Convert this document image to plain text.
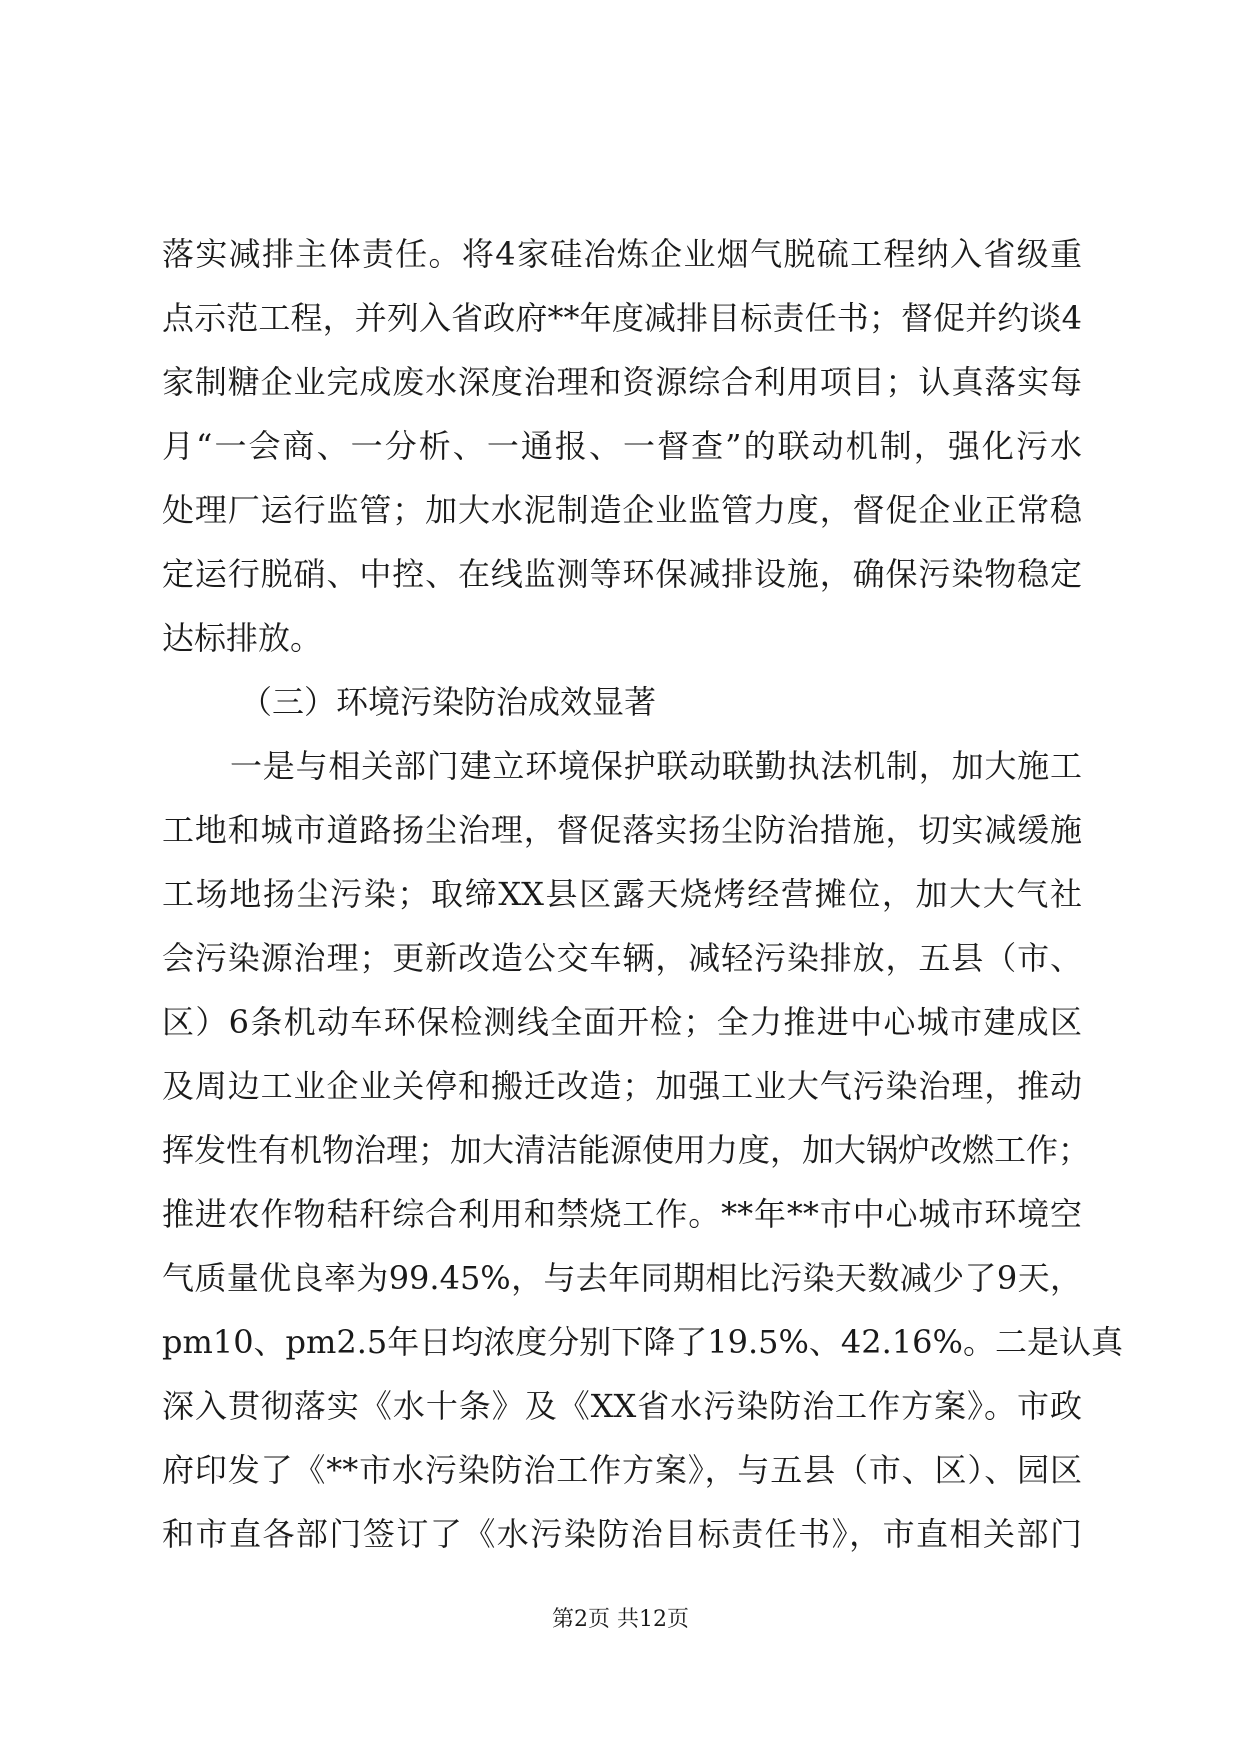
落实减排主体责任。将4家硅冶炼企业烟气脱硫工程纳入省级重
点示范工程，并列入省政府**年度减排目标责任书；督促并约谈4
家制糖企业完成废水深度治理和资源综合利用项目；认真落实每
月“一会商、一分析、一通报、一督查”的联动机制，强化污水
处理厂运行监管；加大水泥制造企业监管力度，督促企业正常稳
定运行脱硝、中控、在线监测等环保减排设施，确保污染物稳定
达标排放。
（三）环境污染防治成效显著
一是与相关部门建立环境保护联动联勤执法机制，加大施工
工地和城市道路扬尘治理，督促落实扬尘防治措施，切实减缓施
工场地扬尘污染；取缔XX县区露天烧烤经营摊位，加大大气社
会污染源治理；更新改造公交车辆，减轻污染排放，五县（市、
区）6条机动车环保检测线全面开检；全力推进中心城市建成区
及周边工业企业关停和搬迁改造；加强工业大气污染治理，推动
挥发性有机物治理；加大清洁能源使用力度，加大锅炉改燃工作；
推进农作物秸秆综合利用和禁烧工作。**年**市中心城市环境空
气质量优良率为99.45%，与去年同期相比污染天数减少了9天，
pm10、pm2.5年日均浓度分别下降了19.5%、42.16%。二是认真
深入贯彻落实《水十条》及《XX省水污染防治工作方案》。市政
府印发了《**市水污染防治工作方案》，与五县（市、区）、园区
和市直各部门签订了《水污染防治目标责任书》，市直相关部门
第2页 共12页
